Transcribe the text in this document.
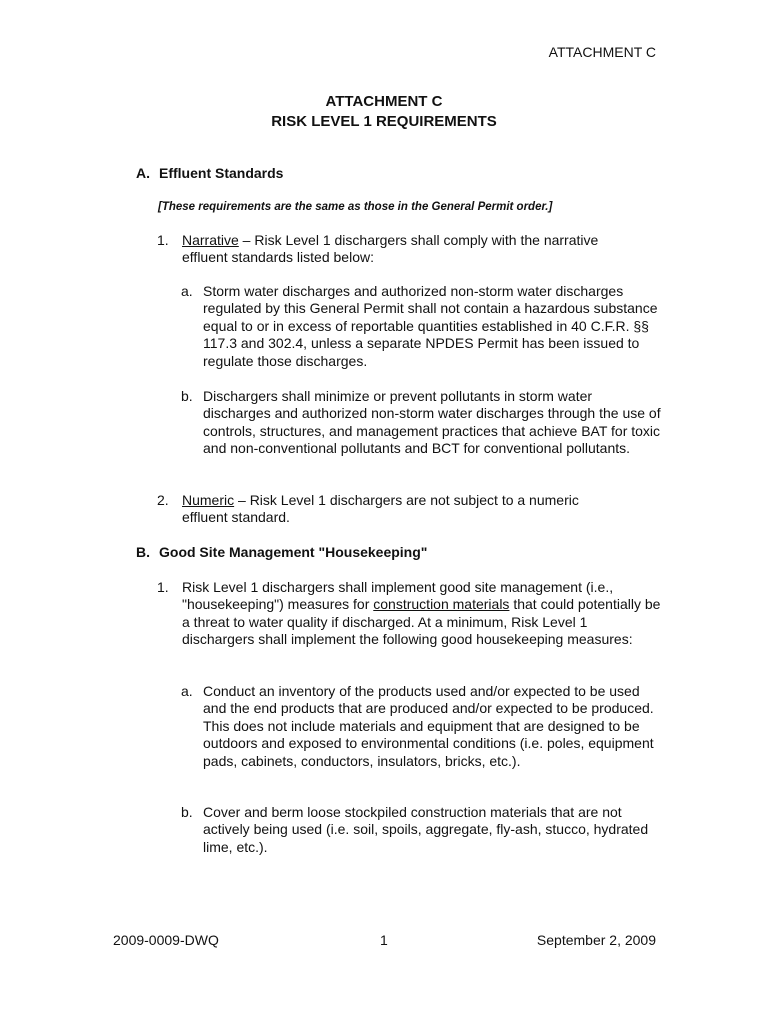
ATTACHMENT C
ATTACHMENT C
RISK LEVEL 1 REQUIREMENTS
A. Effluent Standards
[These requirements are the same as those in the General Permit order.]
1. Narrative – Risk Level 1 dischargers shall comply with the narrative effluent standards listed below:
a. Storm water discharges and authorized non-storm water discharges regulated by this General Permit shall not contain a hazardous substance equal to or in excess of reportable quantities established in 40 C.F.R. §§ 117.3 and 302.4, unless a separate NPDES Permit has been issued to regulate those discharges.
b. Dischargers shall minimize or prevent pollutants in storm water discharges and authorized non-storm water discharges through the use of controls, structures, and management practices that achieve BAT for toxic and non-conventional pollutants and BCT for conventional pollutants.
2. Numeric – Risk Level 1 dischargers are not subject to a numeric effluent standard.
B. Good Site Management "Housekeeping"
1. Risk Level 1 dischargers shall implement good site management (i.e., "housekeeping") measures for construction materials that could potentially be a threat to water quality if discharged. At a minimum, Risk Level 1 dischargers shall implement the following good housekeeping measures:
a. Conduct an inventory of the products used and/or expected to be used and the end products that are produced and/or expected to be produced. This does not include materials and equipment that are designed to be outdoors and exposed to environmental conditions (i.e. poles, equipment pads, cabinets, conductors, insulators, bricks, etc.).
b. Cover and berm loose stockpiled construction materials that are not actively being used (i.e. soil, spoils, aggregate, fly-ash, stucco, hydrated lime, etc.).
2009-0009-DWQ	1	September 2, 2009
